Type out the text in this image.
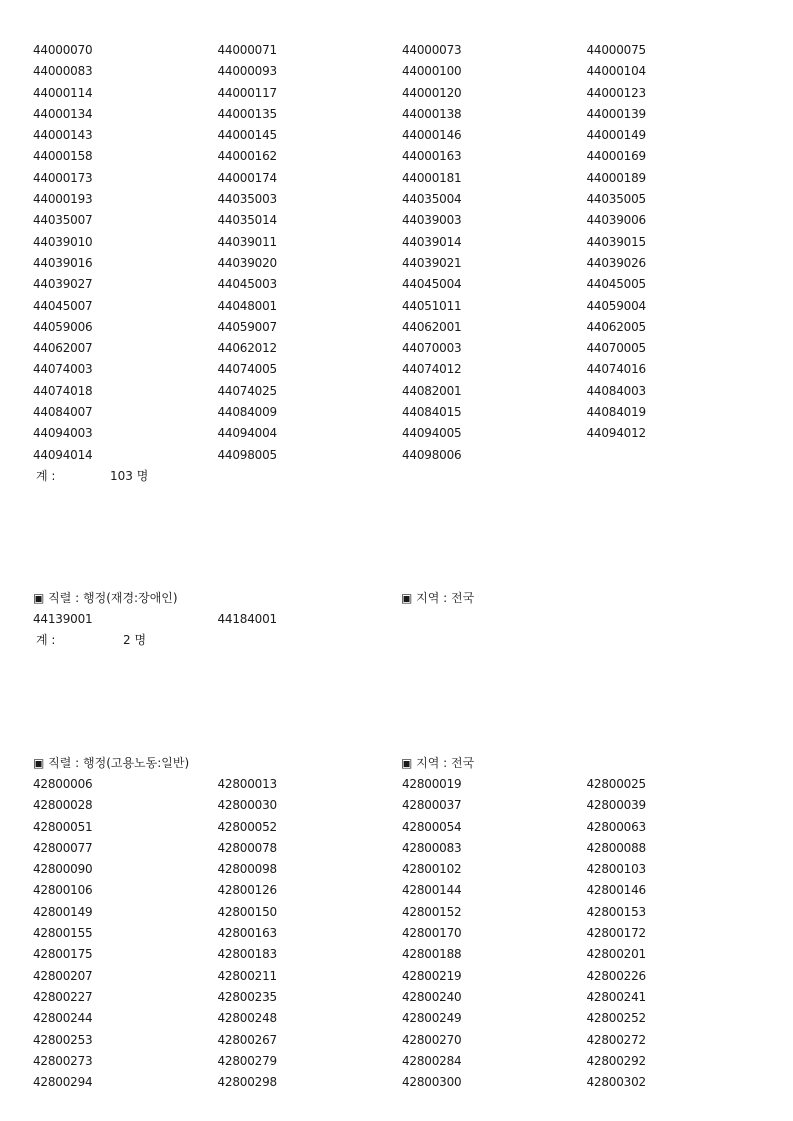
44000070	44000071	44000073	44000075
44000083	44000093	44000100	44000104
44000114	44000117	44000120	44000123
44000134	44000135	44000138	44000139
44000143	44000145	44000146	44000149
44000158	44000162	44000163	44000169
44000173	44000174	44000181	44000189
44000193	44035003	44035004	44035005
44035007	44035014	44039003	44039006
44039010	44039011	44039014	44039015
44039016	44039020	44039021	44039026
44039027	44045003	44045004	44045005
44045007	44048001	44051011	44059004
44059006	44059007	44062001	44062005
44062007	44062012	44070003	44070005
44074003	44074005	44074012	44074016
44074018	44074025	44082001	44084003
44084007	44084009	44084015	44084019
44094003	44094004	44094005	44094012
44094014	44098005	44098006
계 :	103 명
▣ 직렬 : 행정(재경:장애인)	▣ 지역 : 전국
44139001	44184001
계 :	2 명
▣ 직렬 : 행정(고용노동:일반)	▣ 지역 : 전국
42800006	42800013	42800019	42800025
42800028	42800030	42800037	42800039
42800051	42800052	42800054	42800063
42800077	42800078	42800083	42800088
42800090	42800098	42800102	42800103
42800106	42800126	42800144	42800146
42800149	42800150	42800152	42800153
42800155	42800163	42800170	42800172
42800175	42800183	42800188	42800201
42800207	42800211	42800219	42800226
42800227	42800235	42800240	42800241
42800244	42800248	42800249	42800252
42800253	42800267	42800270	42800272
42800273	42800279	42800284	42800292
42800294	42800298	42800300	42800302
